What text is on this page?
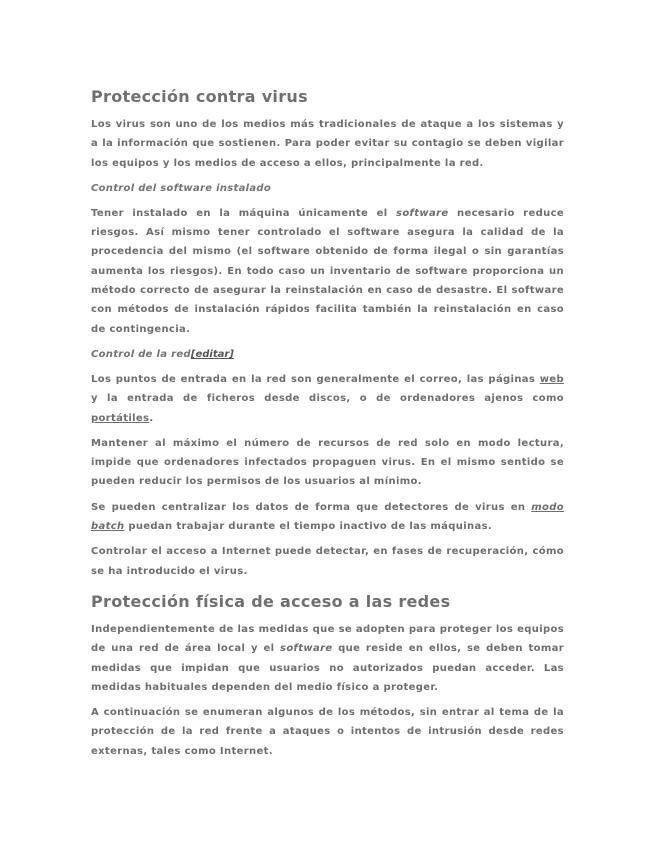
Protección contra virus

Los virus son uno de los medios más tradicionales de ataque a los sistemas y a la información que sostienen. Para poder evitar su contagio se deben vigilar los equipos y los medios de acceso a ellos, principalmente la red.

Control del software instalado

Tener instalado en la máquina únicamente el software necesario reduce riesgos. Así mismo tener controlado el software asegura la calidad de la procedencia del mismo (el software obtenido de forma ilegal o sin garantías aumenta los riesgos). En todo caso un inventario de software proporciona un método correcto de asegurar la reinstalación en caso de desastre. El software con métodos de instalación rápidos facilita también la reinstalación en caso de contingencia.

Control de la red[editar]

Los puntos de entrada en la red son generalmente el correo, las páginas web y la entrada de ficheros desde discos, o de ordenadores ajenos como portátiles.

Mantener al máximo el número de recursos de red solo en modo lectura, impide que ordenadores infectados propaguen virus. En el mismo sentido se pueden reducir los permisos de los usuarios al mínimo.

Se pueden centralizar los datos de forma que detectores de virus en modo batch puedan trabajar durante el tiempo inactivo de las máquinas.

Controlar el acceso a Internet puede detectar, en fases de recuperación, cómo se ha introducido el virus.

Protección física de acceso a las redes

Independientemente de las medidas que se adopten para proteger los equipos de una red de área local y el software que reside en ellos, se deben tomar medidas que impidan que usuarios no autorizados puedan acceder. Las medidas habituales dependen del medio físico a proteger.

A continuación se enumeran algunos de los métodos, sin entrar al tema de la protección de la red frente a ataques o intentos de intrusión desde redes externas, tales como Internet.
